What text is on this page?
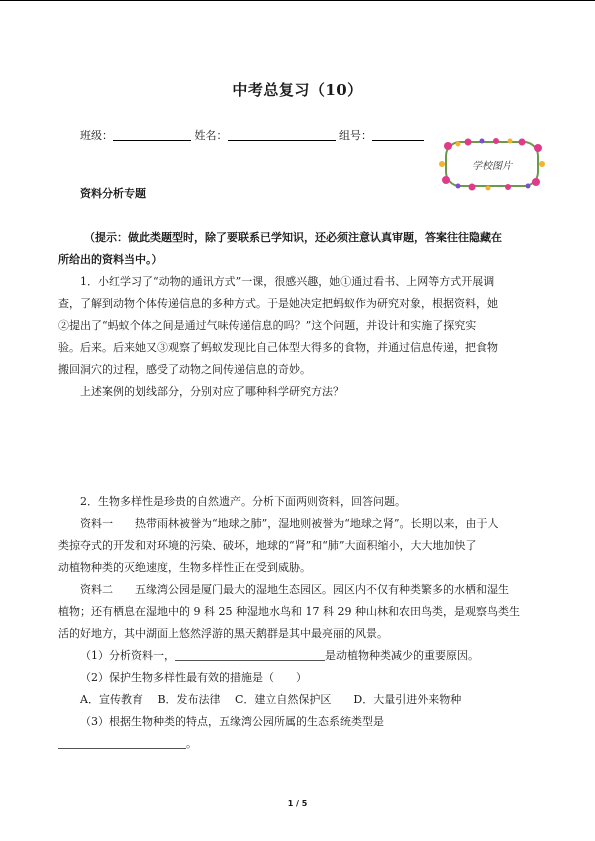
中考总复习（10）
班级：	姓名：	组号：
学校图片
资料分析专题
（提示：做此类题型时，除了要联系已学知识，还必须注意认真审题，答案往往隐藏在
所给出的资料当中。）
1．小红学习了“动物的通讯方式”一课，很感兴趣，她①通过看书、上网等方式开展调
查，了解到动物个体传递信息的多种方式。于是她决定把蚂蚁作为研究对象，根据资料，她
②提出了“蚂蚁个体之间是通过气味传递信息的吗？”这个问题，并设计和实施了探究实
验。后来。后来她又③观察了蚂蚁发现比自己体型大得多的食物，并通过信息传递，把食物
搬回洞穴的过程，感受了动物之间传递信息的奇妙。
上述案例的划线部分，分别对应了哪种科学研究方法？
2．生物多样性是珍贵的自然遗产。分析下面两则资料，回答问题。
资料一　　热带雨林被誉为“地球之肺”，湿地则被誉为“地球之肾”。长期以来，由于人
类掠夺式的开发和对环境的污染、破坏，地球的“肾”和“肺”大面积缩小，大大地加快了
动植物种类的灭绝速度，生物多样性正在受到威胁。
资料二　　五缘湾公园是厦门最大的湿地生态园区。园区内不仅有种类繁多的水栖和湿生
植物；还有栖息在湿地中的 9 科 25 种湿地水鸟和 17 科 29 种山林和农田鸟类，是观察鸟类生
活的好地方，其中湖面上悠然浮游的黑天鹅群是其中最亮丽的风景。
（1）分析资料一，	是动植物种类减少的重要原因。
（2）保护生物多样性最有效的措施是（　　）
A．宣传教育　 B．发布法律　 C．建立自然保护区　　D．大量引进外来物种
（3）根据生物种类的特点，五缘湾公园所属的生态系统类型是
。
1 / 5
